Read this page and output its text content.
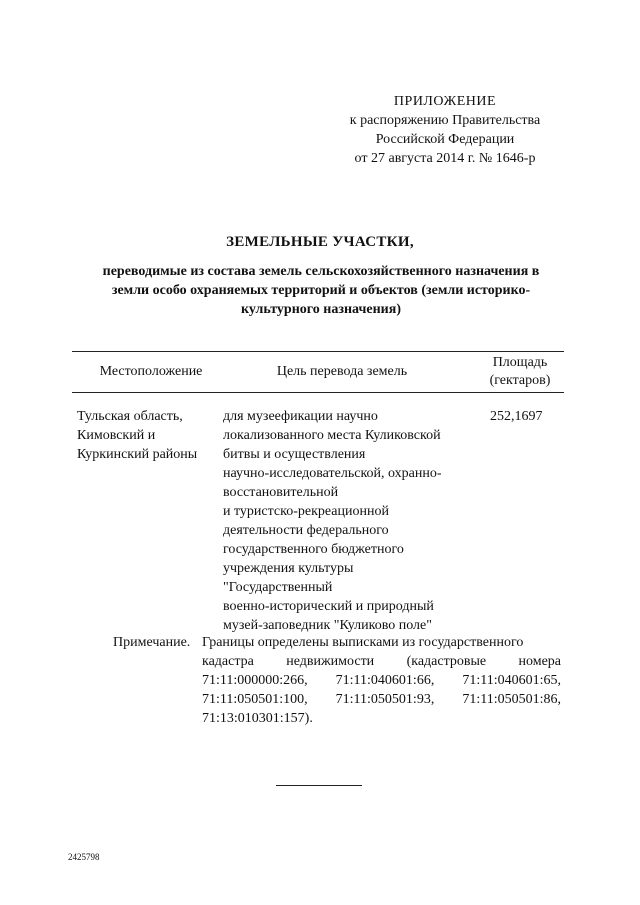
ПРИЛОЖЕНИЕ
к распоряжению Правительства
Российской Федерации
от 27 августа 2014 г. № 1646-р
ЗЕМЕЛЬНЫЕ УЧАСТКИ,
переводимые из состава земель сельскохозяйственного назначения в
земли особо охраняемых территорий и объектов (земли историко-
культурного назначения)
Местоположение	Цель перевода земель
Площадь
(гектаров)
Тульская область,
Кимовский и
Куркинский районы
для музеефикации научно
локализованного места Куликовской
битвы и осуществления
научно-исследовательской, охранно-
восстановительной
и туристско-рекреационной
деятельности федерального
государственного бюджетного
учреждения культуры
"Государственный
военно-исторический и природный
музей-заповедник "Куликово поле"
252,1697
Примечание. Границы определены выписками из государственного
кадастра недвижимости (кадастровые номера
71:11:000000:266, 71:11:040601:66, 71:11:040601:65,
71:11:050501:100, 71:11:050501:93, 71:11:050501:86,
71:13:010301:157).
2425798
